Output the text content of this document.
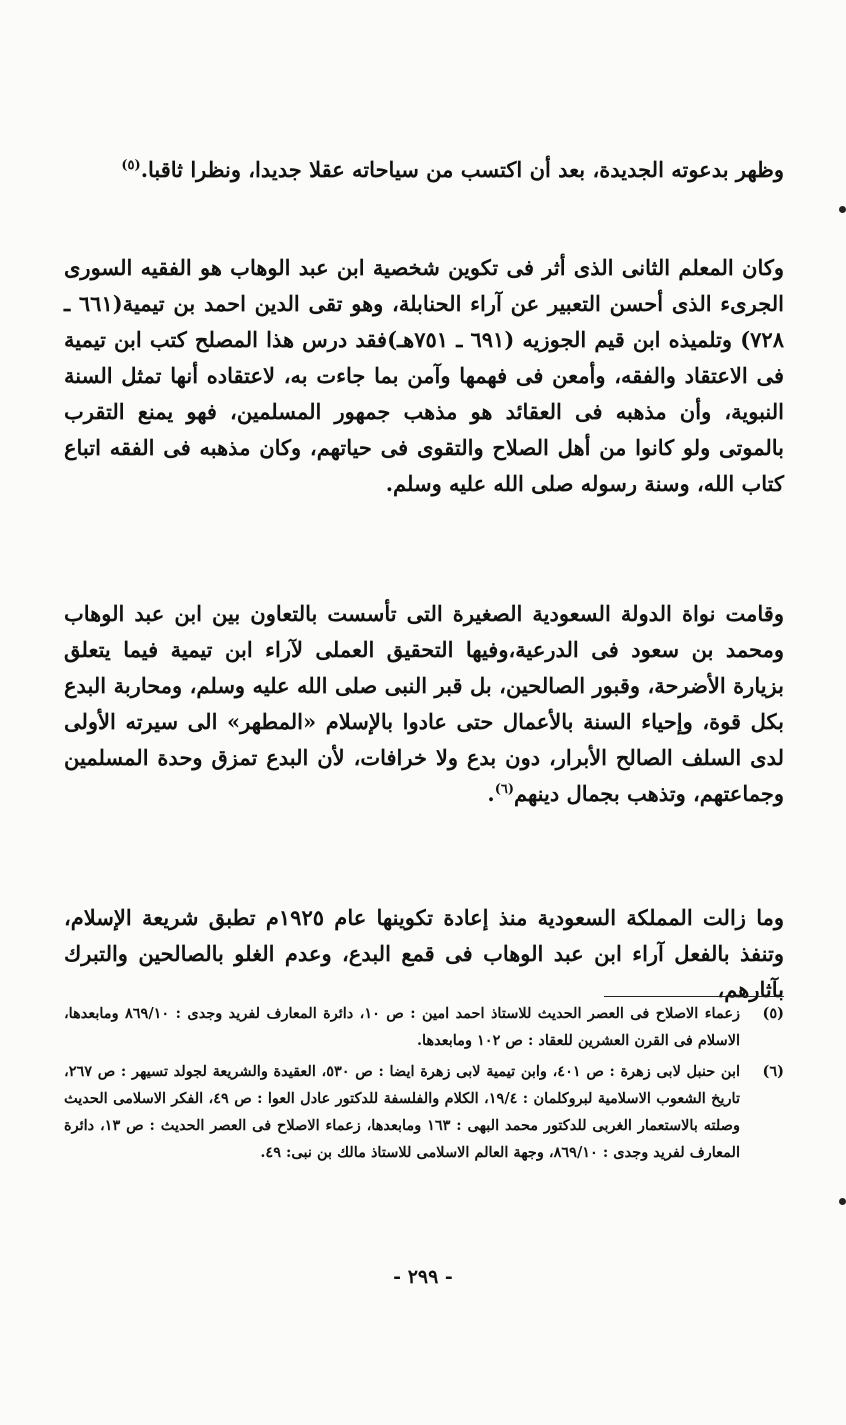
وظهر بدعوته الجديدة، بعد أن اكتسب من سياحاته عقلا جديدا، ونظرا ثاقبا.$^{(٥)}$

وكان المعلم الثانى الذى أثر فى تكوين شخصية ابن عبد الوهاب هو الفقيه السورى الجرىء الذى أحسن التعبير عن آراء الحنابلة، وهو تقى الدين احمد بن تيمية(٦٦١ ـ ٧٢٨) وتلميذه ابن قيم الجوزيه (٦٩١ ـ ٧٥١هـ)فقد درس هذا المصلح كتب ابن تيمية فى الاعتقاد والفقه، وأمعن فى فهمها وآمن بما جاءت به، لاعتقاده أنها تمثل السنة النبوية، وأن مذهبه فى العقائد هو مذهب جمهور المسلمين، فهو يمنع التقرب بالموتى ولو كانوا من أهل الصلاح والتقوى فى حياتهم، وكان مذهبه فى الفقه اتباع كتاب الله، وسنة رسوله صلى الله عليه وسلم.

وقامت نواة الدولة السعودية الصغيرة التى تأسست بالتعاون بين ابن عبد الوهاب ومحمد بن سعود فى الدرعية،وفيها التحقيق العملى لآراء ابن تيمية فيما يتعلق بزيارة الأضرحة، وقبور الصالحين، بل قبر النبى صلى الله عليه وسلم، ومحاربة البدع بكل قوة، وإحياء السنة بالأعمال حتى عادوا بالإسلام «المطهر» الى سيرته الأولى لدى السلف الصالح الأبرار، دون بدع ولا خرافات، لأن البدع تمزق وحدة المسلمين وجماعتهم، وتذهب بجمال دينهم$^{(٦)}$.

وما زالت المملكة السعودية منذ إعادة تكوينها عام ١٩٢٥م تطبق شريعة الإسلام، وتنفذ بالفعل آراء ابن عبد الوهاب فى قمع البدع، وعدم الغلو بالصالحين والتبرك بآثارهم،

(٥)
زعماء الاصلاح فى العصر الحديث للاستاذ احمد امين : ص ١٠، دائرة المعارف لفريد وجدى : ٨٦٩/١٠ ومابعدها، الاسلام فى القرن العشرين للعقاد : ص ١٠٢ ومابعدها.
(٦)
ابن حنبل لابى زهرة : ص ٤٠١، وابن تيمية لابى زهرة ايضا : ص ٥٣٠، العقيدة والشريعة لجولد تسيهر : ص ٢٦٧، تاريخ الشعوب الاسلامية لبروكلمان : ١٩/٤، الكلام والفلسفة للدكتور عادل العوا : ص ٤٩، الفكر الاسلامى الحديث وصلته بالاستعمار الغربى للدكتور محمد البهى : ١٦٣ ومابعدها، زعماء الاصلاح فى العصر الحديث : ص ١٣، دائرة المعارف لفريد وجدى : ٨٦٩/١٠، وجهة العالم الاسلامى للاستاذ مالك بن نبى: ٤٩.
- ٢٩٩ -
